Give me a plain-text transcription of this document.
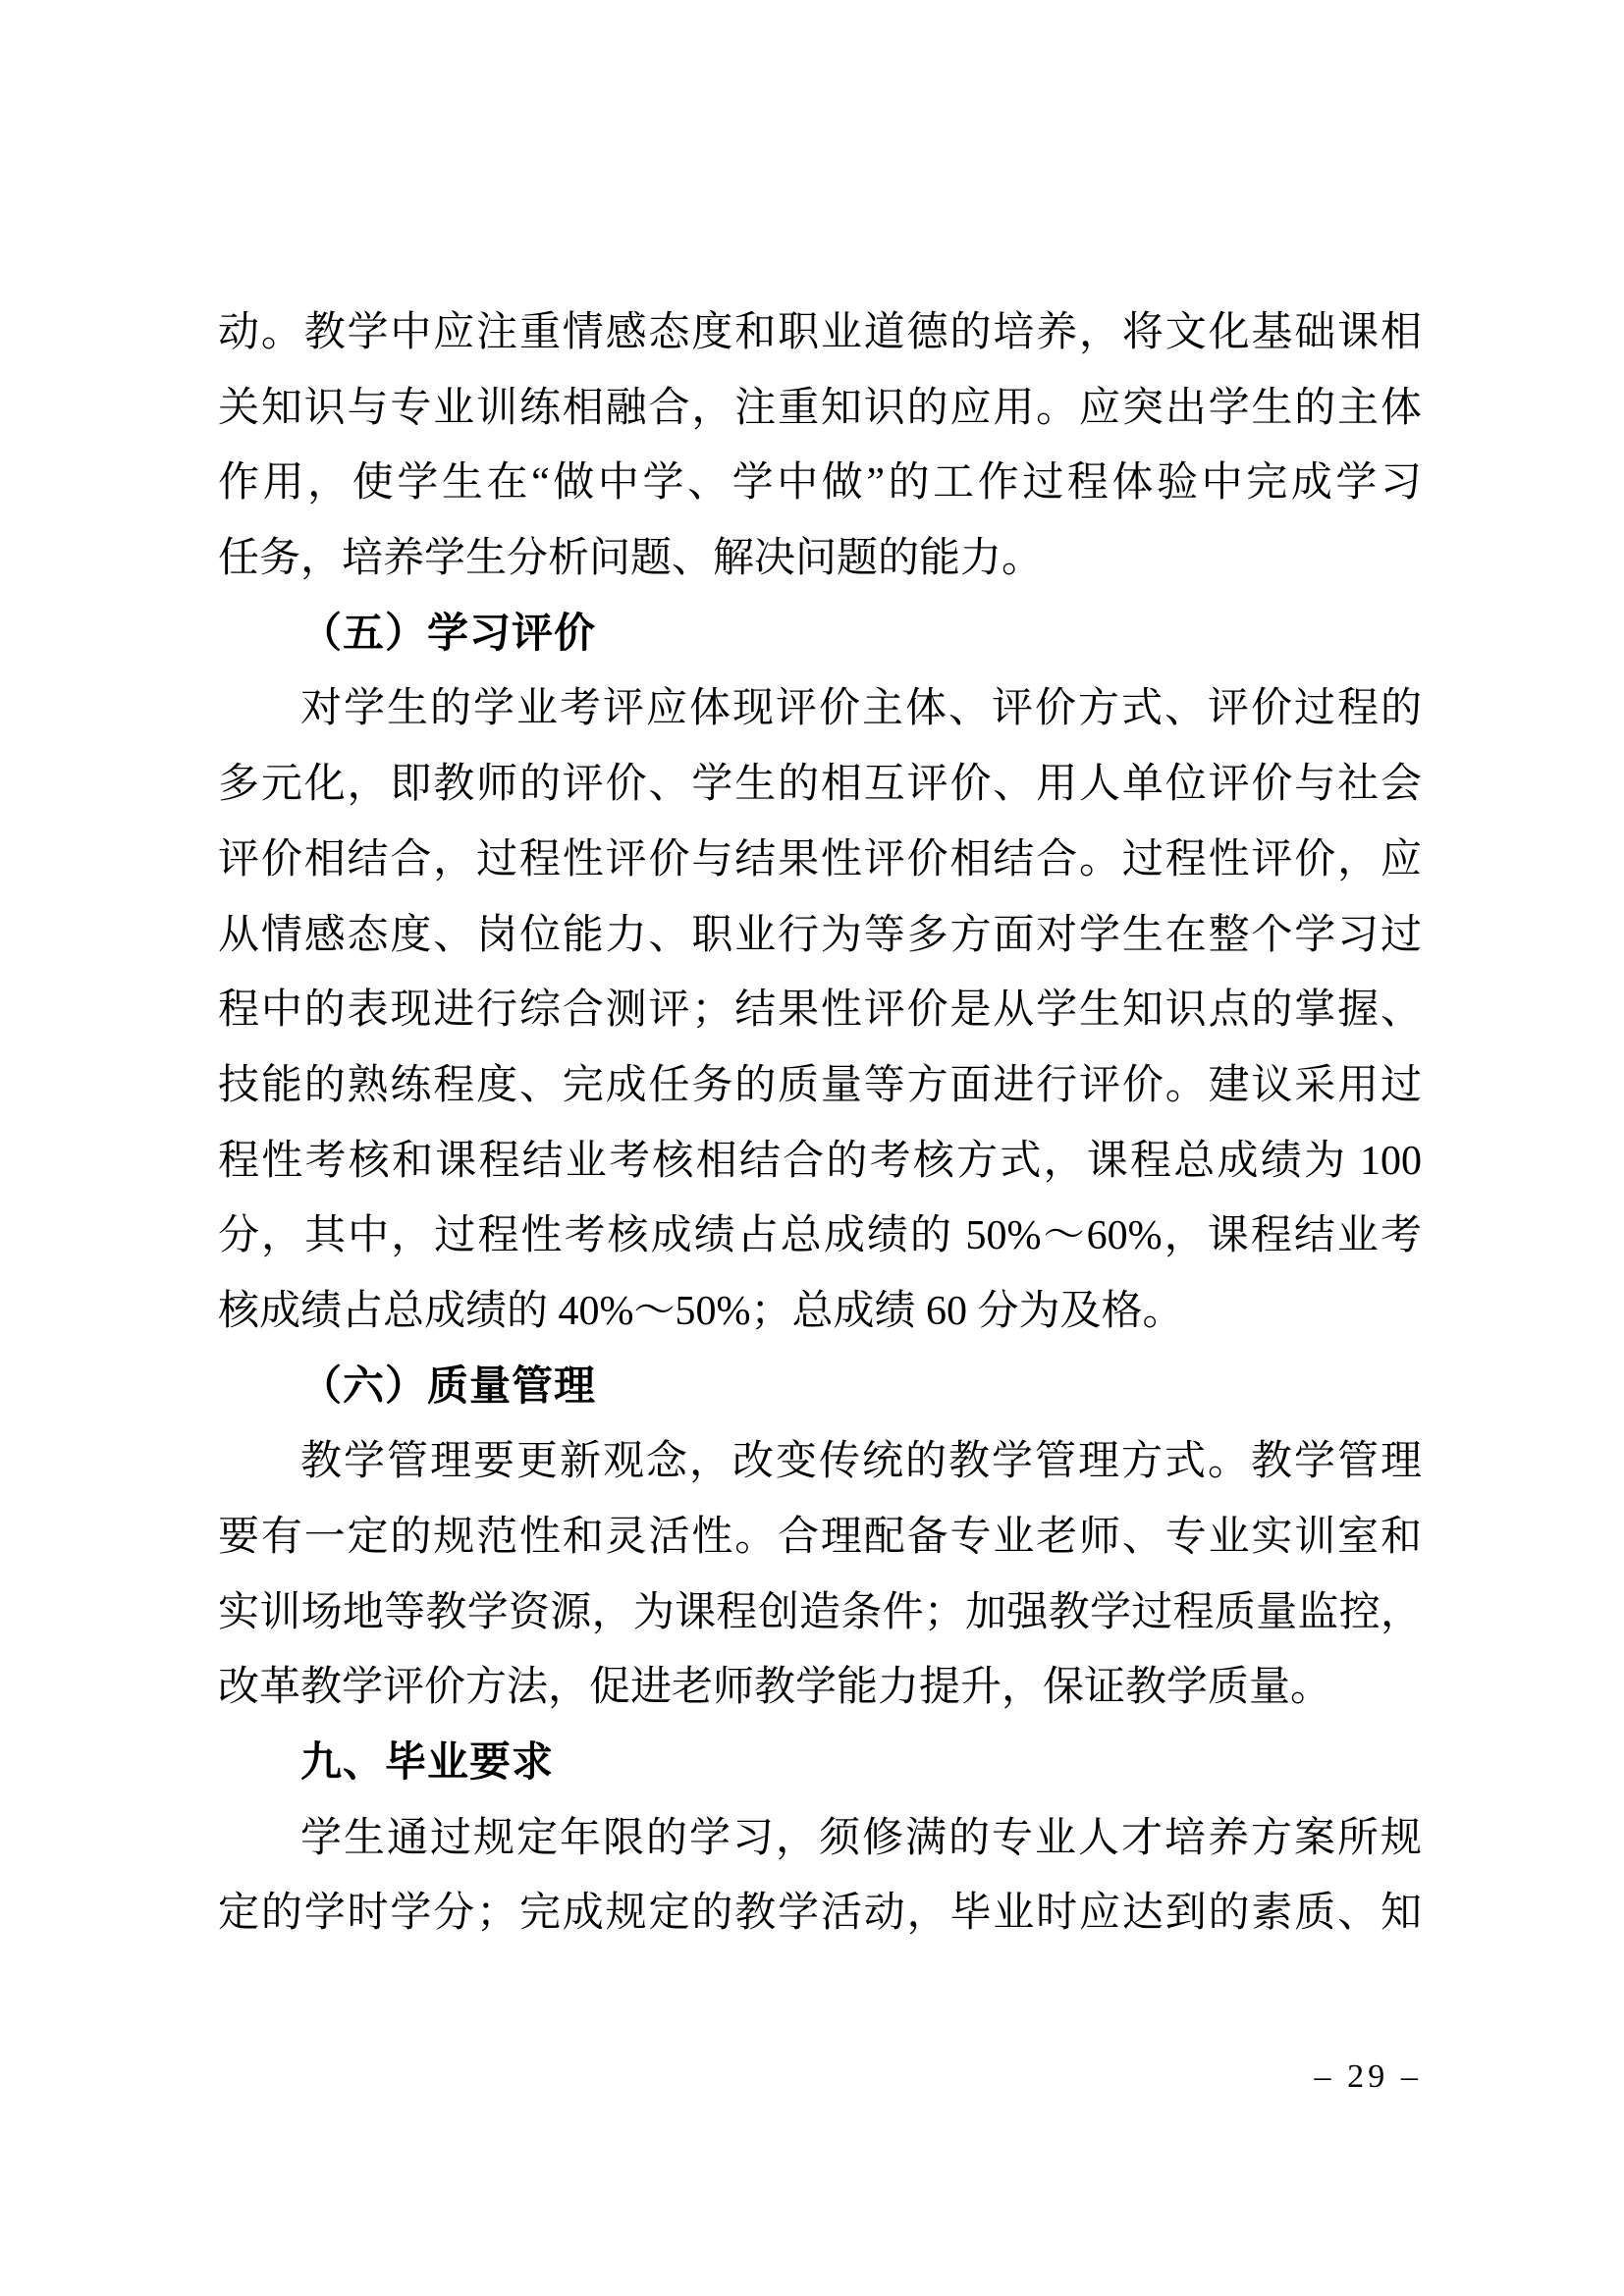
动。教学中应注重情感态度和职业道德的培养，将文化基础课相
关知识与专业训练相融合，注重知识的应用。应突出学生的主体
作用，使学生在“做中学、学中做”的工作过程体验中完成学习
任务，培养学生分析问题、解决问题的能力。
（五）学习评价
对学生的学业考评应体现评价主体、评价方式、评价过程的
多元化，即教师的评价、学生的相互评价、用人单位评价与社会
评价相结合，过程性评价与结果性评价相结合。过程性评价，应
从情感态度、岗位能力、职业行为等多方面对学生在整个学习过
程中的表现进行综合测评；结果性评价是从学生知识点的掌握、
技能的熟练程度、完成任务的质量等方面进行评价。建议采用过
程性考核和课程结业考核相结合的考核方式，课程总成绩为 100
分，其中，过程性考核成绩占总成绩的 50%～60%，课程结业考
核成绩占总成绩的 40%～50%；总成绩 60 分为及格。
（六）质量管理
教学管理要更新观念，改变传统的教学管理方式。教学管理
要有一定的规范性和灵活性。合理配备专业老师、专业实训室和
实训场地等教学资源，为课程创造条件；加强教学过程质量监控，
改革教学评价方法，促进老师教学能力提升，保证教学质量。
九、毕业要求
学生通过规定年限的学习，须修满的专业人才培养方案所规
定的学时学分；完成规定的教学活动，毕业时应达到的素质、知
– 29 –
